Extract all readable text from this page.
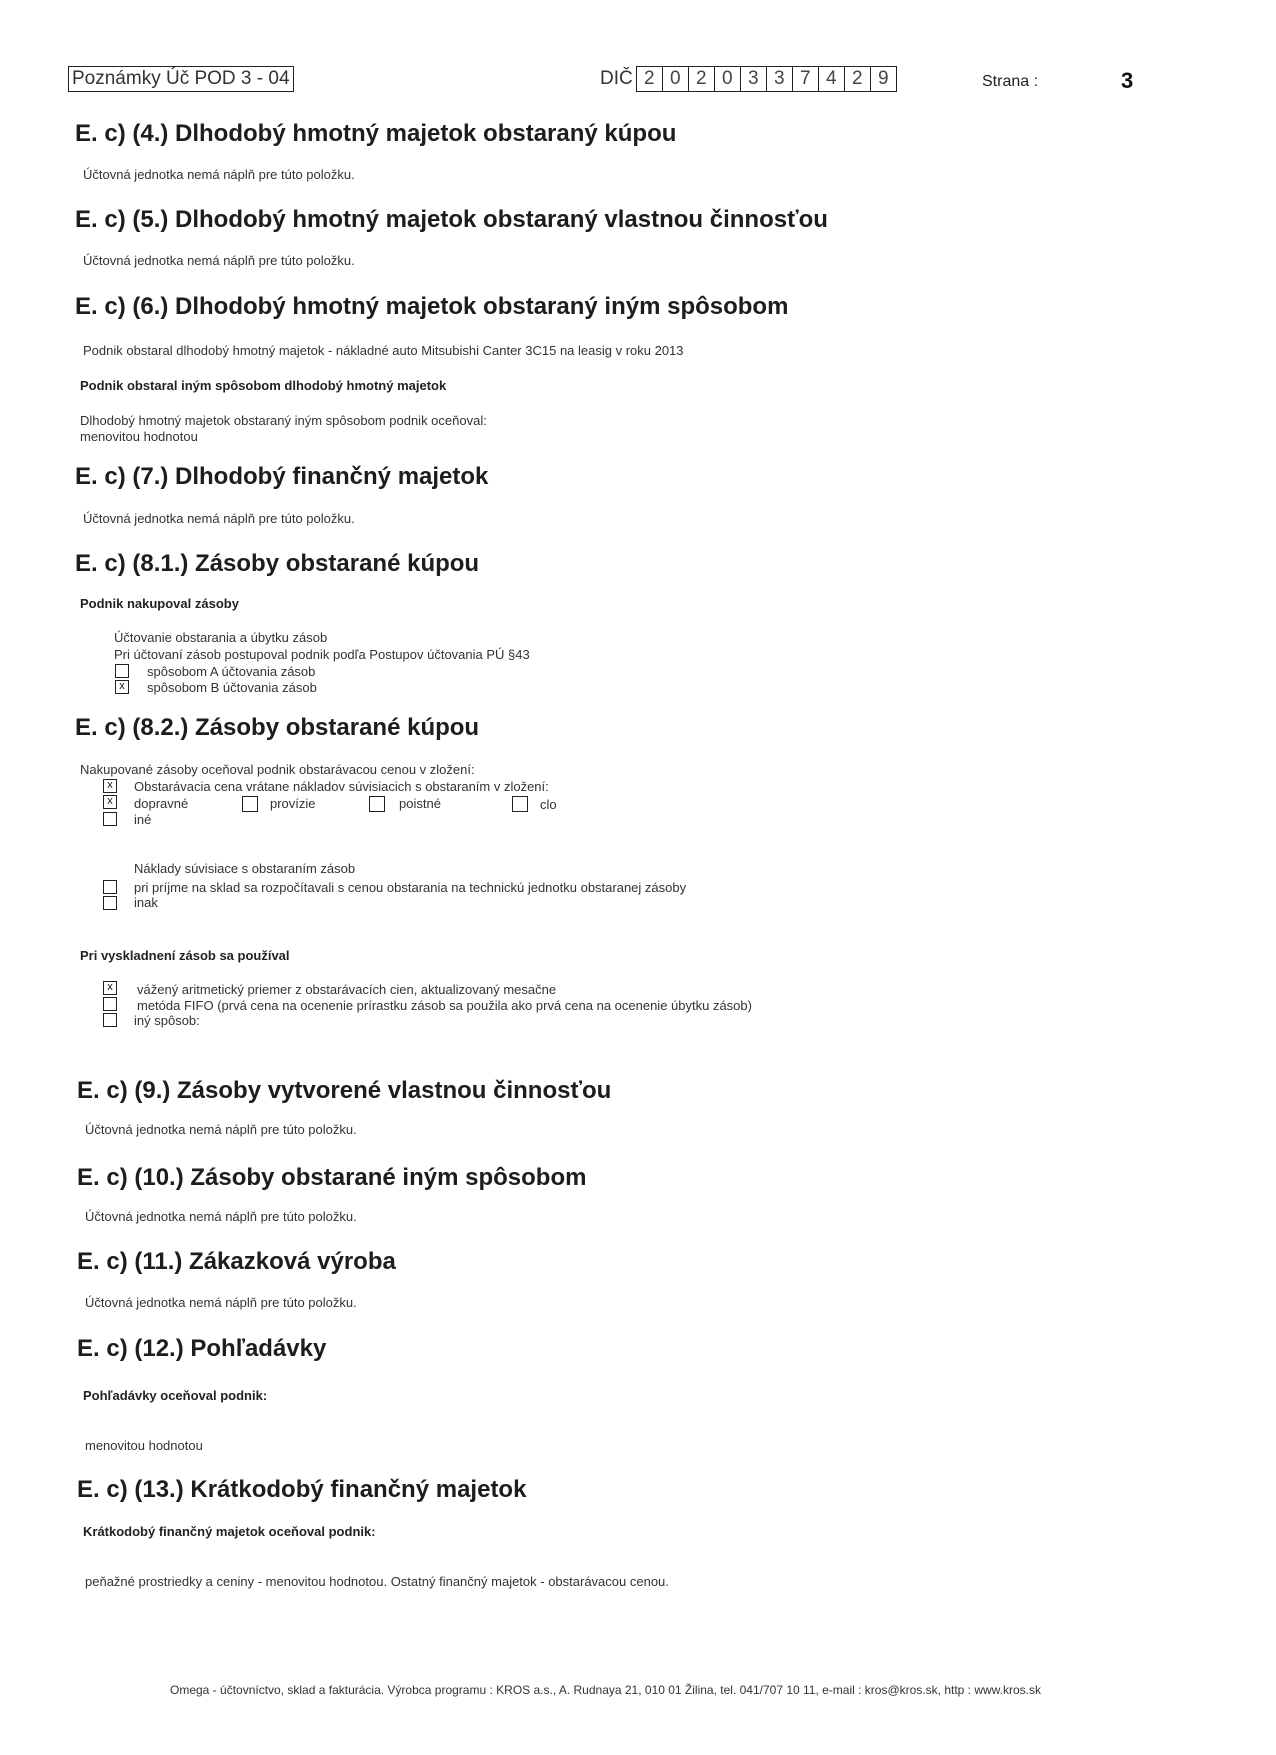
Poznámky Úč POD 3 - 04	DIČ 2 0 2 0 3 3 7 4 2 9	Strana :	3
E. c) (4.) Dlhodobý hmotný majetok obstaraný kúpou
Účtovná jednotka nemá náplň pre túto položku.
E. c) (5.) Dlhodobý hmotný majetok obstaraný vlastnou činnosťou
Účtovná jednotka nemá náplň pre túto položku.
E. c) (6.) Dlhodobý hmotný majetok obstaraný iným spôsobom
Podnik obstaral dlhodobý hmotný majetok - nákladné auto Mitsubishi Canter 3C15 na leasig v roku 2013
Podnik obstaral iným spôsobom dlhodobý hmotný majetok
Dlhodobý hmotný majetok obstaraný iným spôsobom podnik oceňoval:
menovitou hodnotou
E. c) (7.) Dlhodobý finančný majetok
Účtovná jednotka nemá náplň pre túto položku.
E. c) (8.1.) Zásoby obstarané kúpou
Podnik nakupoval zásoby
Účtovanie obstarania a úbytku zásob
Pri účtovaní zásob postupoval podnik podľa Postupov účtovania PÚ §43
spôsobom A účtovania zásob
x	spôsobom B účtovania zásob
E. c) (8.2.) Zásoby obstarané kúpou
Nakupované zásoby oceňoval podnik obstarávacou cenou v zložení:
x	Obstarávacia cena vrátane nákladov súvisiacich s obstaraním v zložení:
x	dopravné	provízie	poistné	clo
iné
Náklady súvisiace s obstaraním zásob
pri príjme na sklad sa rozpočítavali s cenou obstarania na technickú jednotku obstaranej zásoby
inak
Pri vyskladnení zásob sa používal
x	vážený aritmetický priemer z obstarávacích cien, aktualizovaný mesačne
metóda FIFO (prvá cena na ocenenie prírastku zásob sa použila ako prvá cena na ocenenie úbytku zásob)
iný spôsob:
E. c) (9.) Zásoby vytvorené vlastnou činnosťou
Účtovná jednotka nemá náplň pre túto položku.
E. c) (10.) Zásoby obstarané iným spôsobom
Účtovná jednotka nemá náplň pre túto položku.
E. c) (11.) Zákazková výroba
Účtovná jednotka nemá náplň pre túto položku.
E. c) (12.) Pohľadávky
Pohľadávky oceňoval podnik:
menovitou hodnotou
E. c) (13.) Krátkodobý finančný majetok
Krátkodobý finančný majetok oceňoval podnik:
peňažné prostriedky a ceniny - menovitou hodnotou. Ostatný finančný majetok - obstarávacou cenou.
Omega - účtovníctvo, sklad a fakturácia. Výrobca programu : KROS a.s., A. Rudnaya 21, 010 01 Žilina, tel. 041/707 10 11, e-mail : kros@kros.sk, http : www.kros.sk
